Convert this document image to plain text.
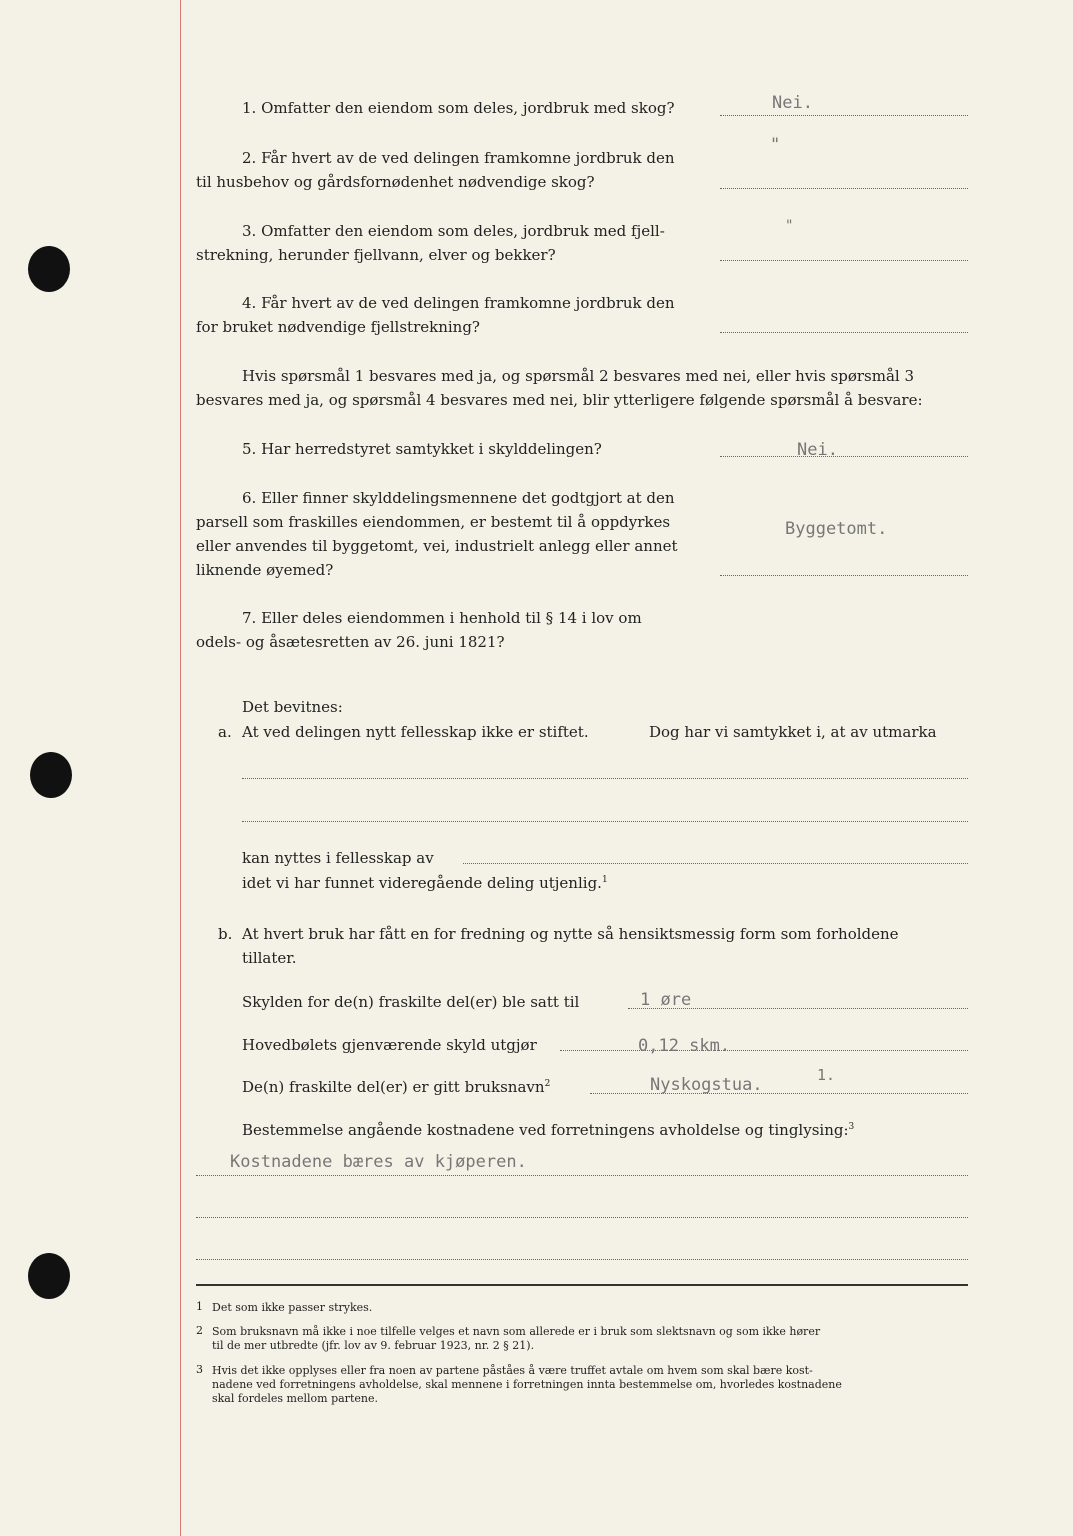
1. Omfatter den eiendom som deles, jordbruk med skog?	Nei.
2. Får hvert av de ved delingen framkomne jordbruk den
til husbehov og gårdsfornødenhet nødvendige skog?
"
3. Omfatter den eiendom som deles, jordbruk med fjell-
strekning, herunder fjellvann, elver og bekker?
"
4. Får hvert av de ved delingen framkomne jordbruk den
for bruket nødvendige fjellstrekning?
Hvis spørsmål 1 besvares med ja, og spørsmål 2 besvares med nei, eller hvis spørsmål 3
besvares med ja, og spørsmål 4 besvares med nei, blir ytterligere følgende spørsmål å besvare:
5. Har herredstyret samtykket i skylddelingen?	Nei.
6. Eller finner skylddelingsmennene det godtgjort at den
parsell som fraskilles eiendommen, er bestemt til å oppdyrkes
eller anvendes til byggetomt, vei, industrielt anlegg eller annet
liknende øyemed?
Byggetomt.
7. Eller deles eiendommen i henhold til § 14 i lov om
odels- og åsætesretten av 26. juni 1821?
Det bevitnes:
a. At ved delingen nytt fellesskap ikke er stiftet.	Dog har vi samtykket i, at av utmarka
kan nyttes i fellesskap av
idet vi har funnet videregående deling utjenlig.$^1$
b. At hvert bruk har fått en for fredning og nytte så hensiktsmessig form som forholdene
tillater.
Skylden for de(n) fraskilte del(er) ble satt til	1 øre
Hovedbølets gjenværende skyld utgjør	0,12 skm.
De(n) fraskilte del(er) er gitt bruksnavn$^2$	Nyskogstua.	1.
Bestemmelse angående kostnadene ved forretningens avholdelse og tinglysing:$^3$
Kostnadene bæres av kjøperen.
1 Det som ikke passer strykes.
2 Som bruksnavn må ikke i noe tilfelle velges et navn som allerede er i bruk som slektsnavn og som ikke hører
til de mer utbredte (jfr. lov av 9. februar 1923, nr. 2 § 21).
3 Hvis det ikke opplyses eller fra noen av partene påståes å være truffet avtale om hvem som skal bære kost-
nadene ved forretningens avholdelse, skal mennene i forretningen innta bestemmelse om, hvorledes kostnadene
skal fordeles mellom partene.
